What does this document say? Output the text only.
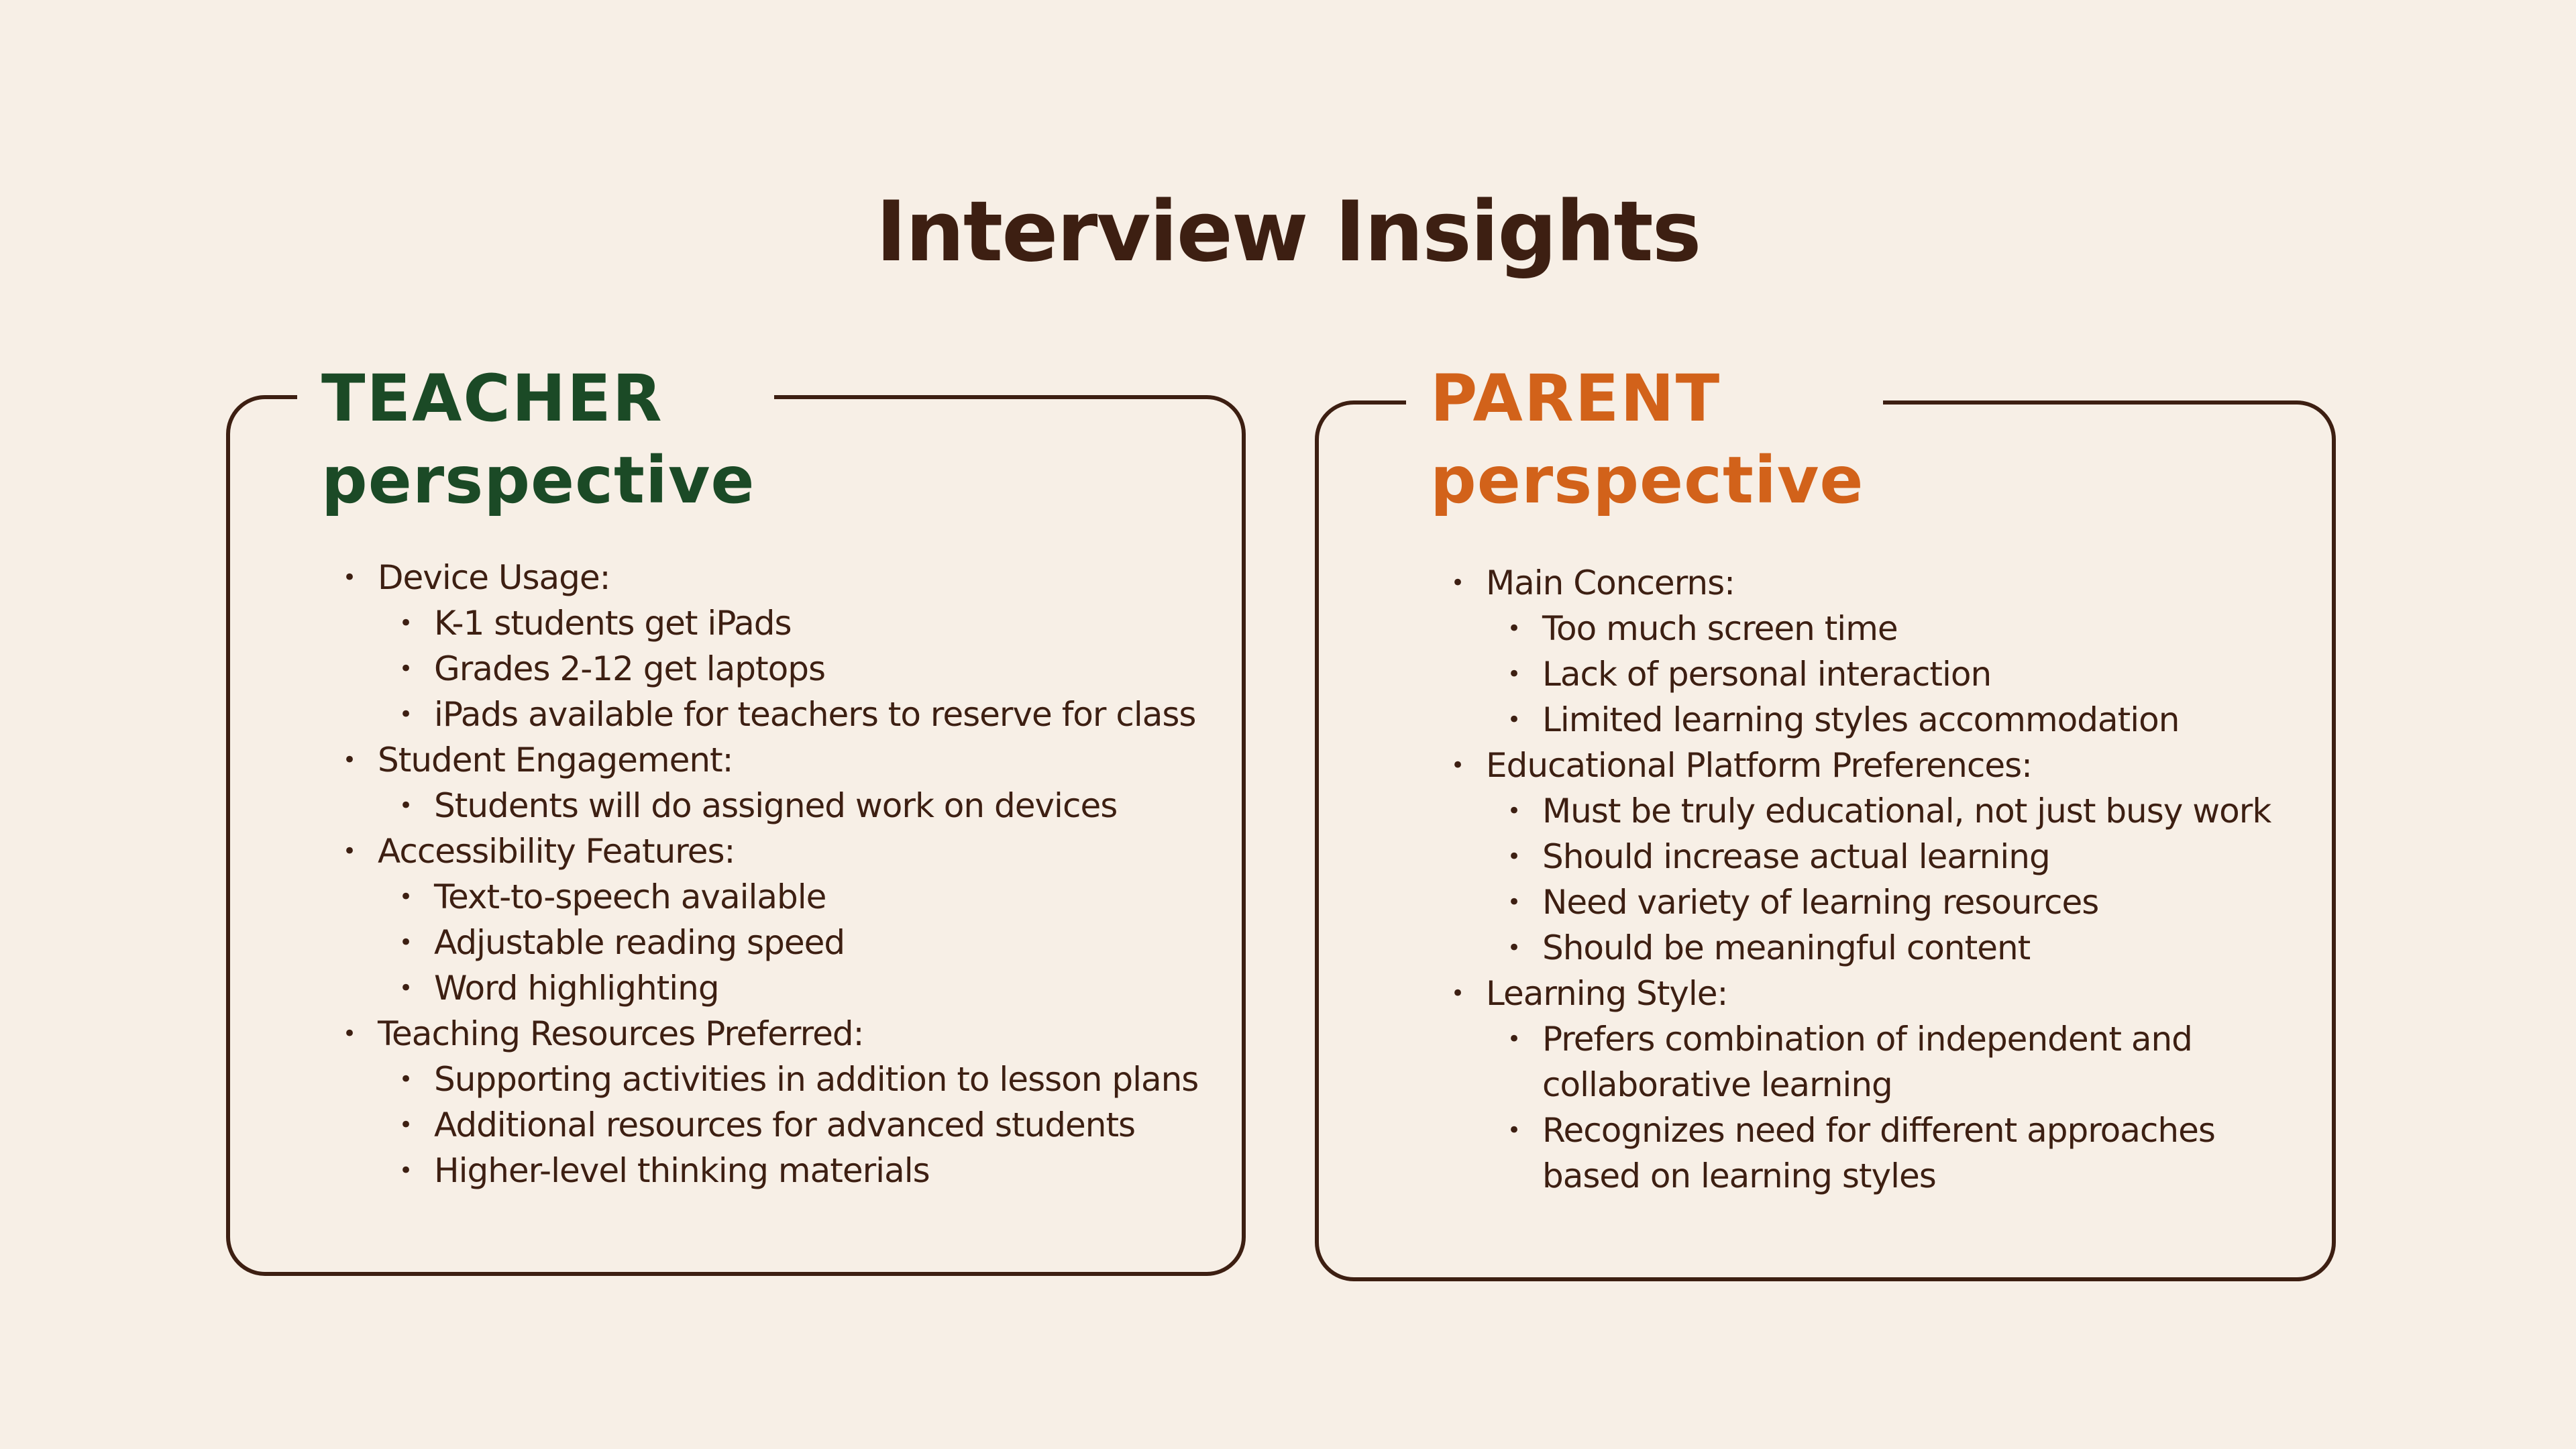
Interview Insights
TEACHER
perspective
• Device Usage:
• K-1 students get iPads
• Grades 2-12 get laptops
• iPads available for teachers to reserve for class
• Student Engagement:
• Students will do assigned work on devices
• Accessibility Features:
• Text-to-speech available
• Adjustable reading speed
• Word highlighting
• Teaching Resources Preferred:
• Supporting activities in addition to lesson plans
• Additional resources for advanced students
• Higher-level thinking materials
PARENT
perspective
• Main Concerns:
• Too much screen time
• Lack of personal interaction
• Limited learning styles accommodation
• Educational Platform Preferences:
• Must be truly educational, not just busy work
• Should increase actual learning
• Need variety of learning resources
• Should be meaningful content
• Learning Style:
• Prefers combination of independent and collaborative learning
• Recognizes need for different approaches based on learning styles
